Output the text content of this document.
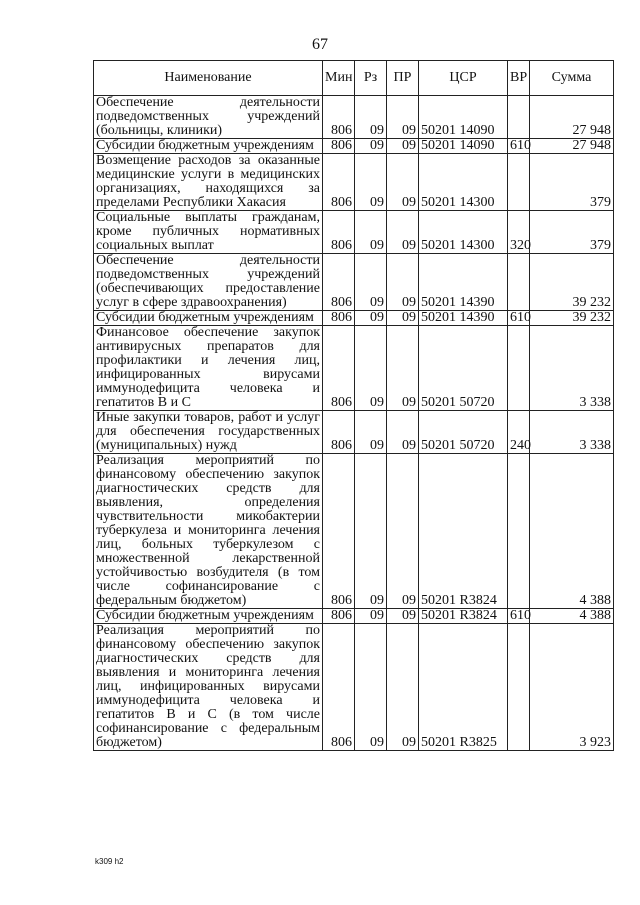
67
Наименование	Мин	Рз	ПР	ЦСР	ВР	Сумма
Обеспечение деятельности подведомственных учреждений (больницы, клиники)	806	09	09	50201 14090		27 948
Субсидии бюджетным учреждениям	806	09	09	50201 14090	610	27 948
Возмещение расходов за оказанные медицинские услуги в медицинских организациях, находящихся за пределами Республики Хакасия	806	09	09	50201 14300		379
Социальные выплаты гражданам, кроме публичных нормативных социальных выплат	806	09	09	50201 14300	320	379
Обеспечение деятельности подведомственных учреждений (обеспечивающих предоставление услуг в сфере здравоохранения)	806	09	09	50201 14390		39 232
Субсидии бюджетным учреждениям	806	09	09	50201 14390	610	39 232
Финансовое обеспечение закупок антивирусных препаратов для профилактики и лечения лиц, инфицированных вирусами иммунодефицита человека и гепатитов В и С	806	09	09	50201 50720		3 338
Иные закупки товаров, работ и услуг для обеспечения государственных (муниципальных) нужд	806	09	09	50201 50720	240	3 338
Реализация мероприятий по финансовому обеспечению закупок диагностических средств для выявления, определения чувствительности микобактерии туберкулеза и мониторинга лечения лиц, больных туберкулезом с множественной лекарственной устойчивостью возбудителя (в том числе софинансирование с федеральным бюджетом)	806	09	09	50201 R3824		4 388
Субсидии бюджетным учреждениям	806	09	09	50201 R3824	610	4 388
Реализация мероприятий по финансовому обеспечению закупок диагностических средств для выявления и мониторинга лечения лиц, инфицированных вирусами иммунодефицита человека и гепатитов В и С (в том числе софинансирование с федеральным бюджетом)	806	09	09	50201 R3825		3 923
k309 h2
